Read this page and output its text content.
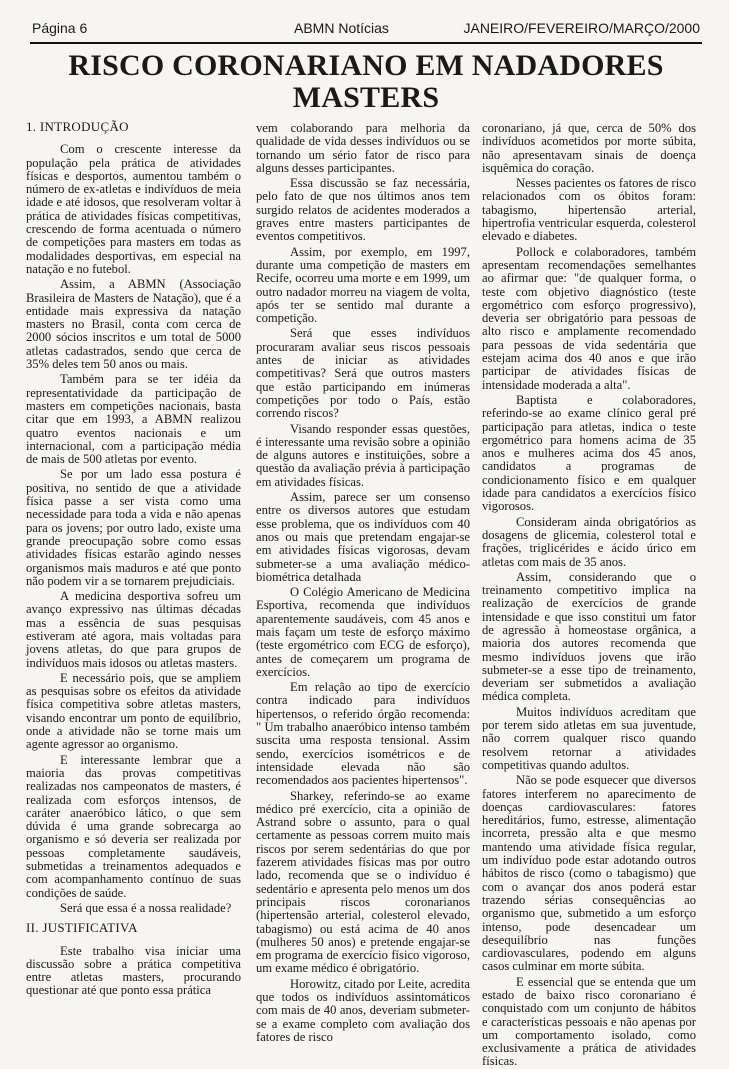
Página 6	ABMN Notícias	JANEIRO/FEVEREIRO/MARÇO/2000
RISCO CORONARIANO EM NADADORES
MASTERS
1. INTRODUÇÃO

Com o crescente interesse da população pela prática de atividades físicas e desportos, aumentou também o número de ex-atletas e indivíduos de meia idade e até idosos, que resolveram voltar à prática de atividades físicas competitivas, crescendo de forma acentuada o número de competições para masters em todas as modalidades desportivas, em especial na natação e no futebol.

Assim, a ABMN (Associação Brasileira de Masters de Natação), que é a entidade mais expressiva da natação masters no Brasil, conta com cerca de 2000 sócios inscritos e um total de 5000 atletas cadastrados, sendo que cerca de 35% deles tem 50 anos ou mais.

Também para se ter idéia da representatividade da participação de masters em competições nacionais, basta citar que em 1993, a ABMN realizou quatro eventos nacionais e um internacional, com a participação média de mais de 500 atletas por evento.

Se por um lado essa postura é positiva, no sentido de que a atividade física passe a ser vista como uma necessidade para toda a vida e não apenas para os jovens; por outro lado, existe uma grande preocupação sobre como essas atividades físicas estarão agindo nesses organismos mais maduros e até que ponto não podem vir a se tornarem prejudiciais.

A medicina desportiva sofreu um avanço expressivo nas últimas décadas mas a essência de suas pesquisas estiveram até agora, mais voltadas para jovens atletas, do que para grupos de indivíduos mais idosos ou atletas masters.

E necessário pois, que se ampliem as pesquisas sobre os efeitos da atividade física competitiva sobre atletas masters, visando encontrar um ponto de equilíbrio, onde a atividade não se torne mais um agente agressor ao organismo.

E interessante lembrar que a maioria das provas competitivas realizadas nos campeonatos de masters, é realizada com esforços intensos, de caráter anaeróbico lático, o que sem dúvida é uma grande sobrecarga ao organismo e só deveria ser realizada por pessoas completamente saudáveis, submetidas a treinamentos adequados e com acompanhamento contínuo de suas condições de saúde.

Será que essa é a nossa realidade?

II. JUSTIFICATIVA

Este trabalho visa iniciar uma discussão sobre a prática competitiva entre atletas masters, procurando questionar até que ponto essa prática

vem colaborando para melhoria da qualidade de vida desses indivíduos ou se tornando um sério fator de risco para alguns desses participantes.

Essa discussão se faz necessária, pelo fato de que nos últimos anos tem surgido relatos de acidentes moderados a graves entre masters participantes de eventos competitivos.

Assim, por exemplo, em 1997, durante uma competição de masters em Recife, ocorreu uma morte e em 1999, um outro nadador morreu na viagem de volta, após ter se sentido mal durante a competição.

Será que esses indivíduos procuraram avaliar seus riscos pessoais antes de iniciar as atividades competitivas? Será que outros masters que estão participando em inúmeras competições por todo o País, estão correndo riscos?

Visando responder essas questões, é interessante uma revisão sobre a opinião de alguns autores e instituições, sobre a questão da avaliação prévia à participação em atividades físicas.

Assim, parece ser um consenso entre os diversos autores que estudam esse problema, que os indivíduos com 40 anos ou mais que pretendam engajar-se em atividades físicas vigorosas, devam submeter-se a uma avaliação médico-biométrica detalhada

O Colégio Americano de Medicina Esportiva, recomenda que indivíduos aparentemente saudáveis, com 45 anos e mais façam um teste de esforço máximo (teste ergométrico com ECG de esforço), antes de começarem um programa de exercícios.

Em relação ao tipo de exercício contra indicado para indivíduos hipertensos, o referido órgão recomenda: " Um trabalho anaeróbico intenso também suscita uma resposta tensional. Assim sendo, exercícios isométricos e de intensidade elevada não são recomendados aos pacientes hipertensos".

Sharkey, referindo-se ao exame médico pré exercício, cita a opinião de Astrand sobre o assunto, para o qual certamente as pessoas correm muito mais riscos por serem sedentárias do que por fazerem atividades físicas mas por outro lado, recomenda que se o indivíduo é sedentário e apresenta pelo menos um dos principais riscos coronarianos (hipertensão arterial, colesterol elevado, tabagismo) ou está acima de 40 anos (mulheres 50 anos) e pretende engajar-se em programa de exercício físico vigoroso, um exame médico é obrigatório.

Horowitz, citado por Leite, acredita que todos os indivíduos assintomáticos com mais de 40 anos, deveriam submeter-se a exame completo com avaliação dos fatores de risco

coronariano, já que, cerca de 50% dos indivíduos acometidos por morte súbita, não apresentavam sinais de doença isquêmica do coração.

Nesses pacientes os fatores de risco relacionados com os óbitos foram: tabagismo, hipertensão arterial, hipertrofia ventricular esquerda, colesterol elevado e diabetes.

Pollock e colaboradores, também apresentam recomendações semelhantes ao afirmar que: "de qualquer forma, o teste com objetivo diagnóstico (teste ergométrico com esforço progressivo), deveria ser obrigatório para pessoas de alto risco e amplamente recomendado para pessoas de vida sedentária que estejam acima dos 40 anos e que irão participar de atividades físicas de intensidade moderada a alta".

Baptista e colaboradores, referindo-se ao exame clínico geral pré participação para atletas, indica o teste ergométrico para homens acima de 35 anos e mulheres acima dos 45 anos, candidatos a programas de condicionamento físico e em qualquer idade para candidatos a exercícios físico vigorosos.

Consideram ainda obrigatórios as dosagens de glicemia, colesterol total e frações, triglicérides e ácido úrico em atletas com mais de 35 anos.

Assim, considerando que o treinamento competitivo implica na realização de exercícios de grande intensidade e que isso constitui um fator de agressão à homeostase orgânica, a maioria dos autores recomenda que mesmo indivíduos jovens que irão submeter-se a esse tipo de treinamento, deveriam ser submetidos a avaliação médica completa.

Muitos indivíduos acreditam que por terem sido atletas em sua juventude, não correm qualquer risco quando resolvem retornar a atividades competitivas quando adultos.

Não se pode esquecer que diversos fatores interferem no aparecimento de doenças cardiovasculares: fatores hereditários, fumo, estresse, alimentação incorreta, pressão alta e que mesmo mantendo uma atividade física regular, um indivíduo pode estar adotando outros hábitos de risco (como o tabagismo) que com o avançar dos anos poderá estar trazendo sérias consequências ao organismo que, submetido a um esforço intenso, pode desencadear um desequilíbrio nas funções cardiovasculares, podendo em alguns casos culminar em morte súbita.

E essencial que se entenda que um estado de baixo risco coronariano é conquistado com um conjunto de hábitos e características pessoais e não apenas por um comportamento isolado, como exclusivamente a prática de atividades físicas.
